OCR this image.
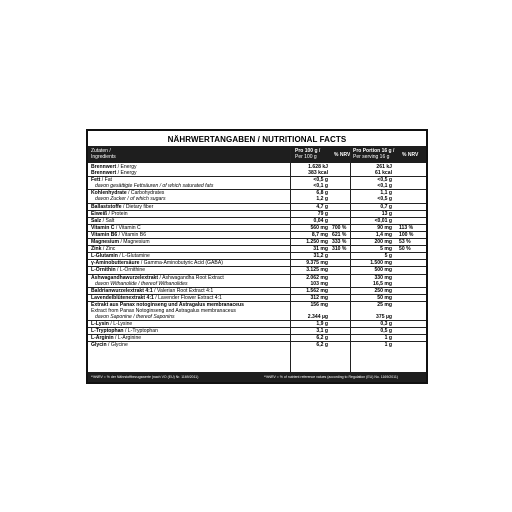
NÄHRWERTANGABEN / NUTRITIONAL FACTS
Zutaten /
Ingredients
Pro 100 g /
Per 100 g	% NRV
Pro Portion 16 g /
Per serving 16 g	% NRV
Brennwert / Energy	1.628 kJ	261 kJ
Brennwert / Energy	383 kcal	61 kcal
Fett / Fat	<0,5 g	<0,5 g
davon gesättigte Fettsäuren / of which saturated fats	<0,1 g	<0,1 g
Kohlenhydrate / Carbohydrates	6,8 g	1,1 g
davon Zucker / of which sugars	1,2 g	<0,5 g
Ballaststoffe / Dietary fiber	4,7 g	0,7 g
Eiweiß / Protein	79 g	13 g
Salz / Salt	0,04 g	<0,01 g
Vitamin C / Vitamin C	560 mg 700 %	90 mg 113 %
Vitamin B6 / Vitamin B6	8,7 mg 621 %	1,4 mg 100 %
Magnesium / Magnesium	1.250 mg 333 %	200 mg 53 %
Zink / Zinc	31 mg 310 %	5 mg 50 %
L-Glutamin / L-Glutamine	31,2 g	5 g
γ-Aminobuttersäure / Gamma-Aminobutyric Acid (GABA)	9.375 mg	1.500 mg
L-Ornithin / L-Ornithine	3.125 mg	500 mg
Ashwagandhawurzelextrakt / Ashwagandha Root Extract	2.062 mg	330 mg
davon Withanolide / thereof Withanolides	103 mg	16,5 mg
Baldrianwurzelextrakt 4:1 / Valerian Root Extract 4:1	1.562 mg	250 mg
Lavendelblütenextrakt 4:1 / Lavender Flower Extract 4:1	312 mg	50 mg
Extrakt aus Panax notoginseng und Astragalus membranaceus	156 mg	25 mg
Extract from Panax Notoginseng and Astragalus membranaceus
davon Saponine / thereof Saponins	2.344 µg	375 µg
L-Lysin / L-Lysine	1,9 g	0,3 g
L-Tryptophan / L-Tryptophan	3,1 g	0,5 g
L-Arginin / L-Arginine	6,2 g	1 g
Glycin / Glycine	6,2 g	1 g
*%NRV = % der Nährstoffbezugswerte (nach VO (EU) Nr. 1169/2011)	*%NRV = % of nutrient reference values (according to Regulation (EU) No. 1169/2011)
